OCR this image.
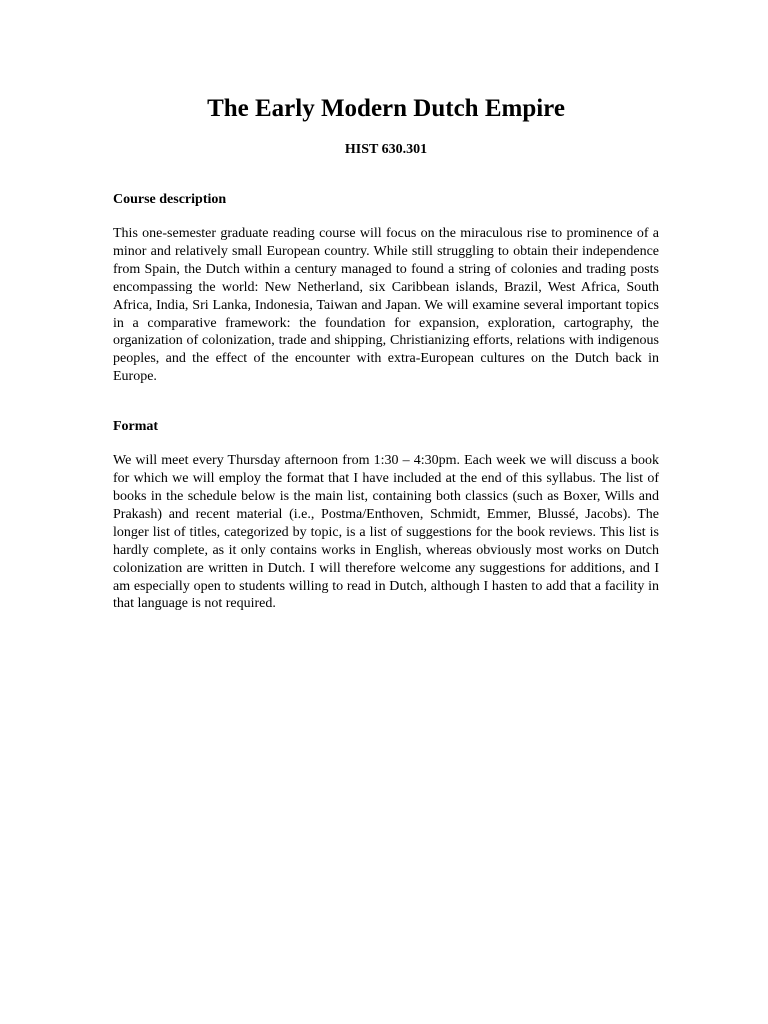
The Early Modern Dutch Empire
HIST 630.301
Course description

This one-semester graduate reading course will focus on the miraculous rise to prominence of a minor and relatively small European country. While still struggling to obtain their independence from Spain, the Dutch within a century managed to found a string of colonies and trading posts encompassing the world: New Netherland, six Caribbean islands, Brazil, West Africa, South Africa, India, Sri Lanka, Indonesia, Taiwan and Japan. We will examine several important topics in a comparative framework: the foundation for expansion, exploration, cartography, the organization of colonization, trade and shipping, Christianizing efforts, relations with indigenous peoples, and the effect of the encounter with extra-European cultures on the Dutch back in Europe.

Format

We will meet every Thursday afternoon from 1:30 – 4:30pm. Each week we will discuss a book for which we will employ the format that I have included at the end of this syllabus. The list of books in the schedule below is the main list, containing both classics (such as Boxer, Wills and Prakash) and recent material (i.e., Postma/Enthoven, Schmidt, Emmer, Blussé, Jacobs). The longer list of titles, categorized by topic, is a list of suggestions for the book reviews. This list is hardly complete, as it only contains works in English, whereas obviously most works on Dutch colonization are written in Dutch. I will therefore welcome any suggestions for additions, and I am especially open to students willing to read in Dutch, although I hasten to add that a facility in that language is not required.
